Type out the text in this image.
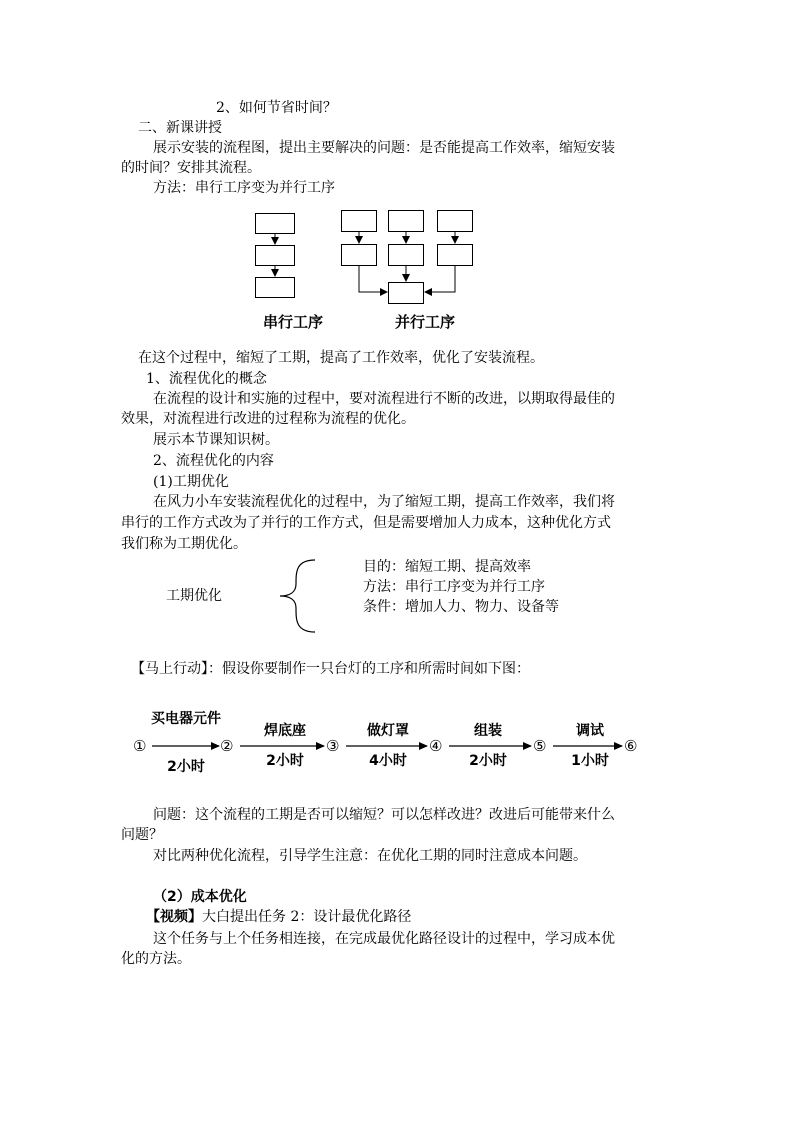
2、如何节省时间？
二、新课讲授
展示安装的流程图，提出主要解决的问题：是否能提高工作效率，缩短安装
的时间？安排其流程。
方法：串行工序变为并行工序
串行工序	并行工序
在这个过程中，缩短了工期，提高了工作效率，优化了安装流程。
1、流程优化的概念
在流程的设计和实施的过程中，要对流程进行不断的改进，以期取得最佳的
效果，对流程进行改进的过程称为流程的优化。
展示本节课知识树。
2、流程优化的内容
(1)工期优化
在风力小车安装流程优化的过程中，为了缩短工期，提高工作效率，我们将
串行的工作方式改为了并行的工作方式，但是需要增加人力成本，这种优化方式
我们称为工期优化。
工期优化
目的：缩短工期、提高效率
方法：串行工序变为并行工序
条件：增加人力、物力、设备等
【马上行动】：假设你要制作一只台灯的工序和所需时间如下图：
①	②	③	④	⑤	⑥
买电器元件
2小时
焊底座
2小时
做灯罩
4小时
组装
2小时
调试
1小时
问题：这个流程的工期是否可以缩短？可以怎样改进？改进后可能带来什么
问题？
对比两种优化流程，引导学生注意：在优化工期的同时注意成本问题。
（2）成本优化
【视频】大白提出任务 2：设计最优化路径
这个任务与上个任务相连接，在完成最优化路径设计的过程中，学习成本优
化的方法。
